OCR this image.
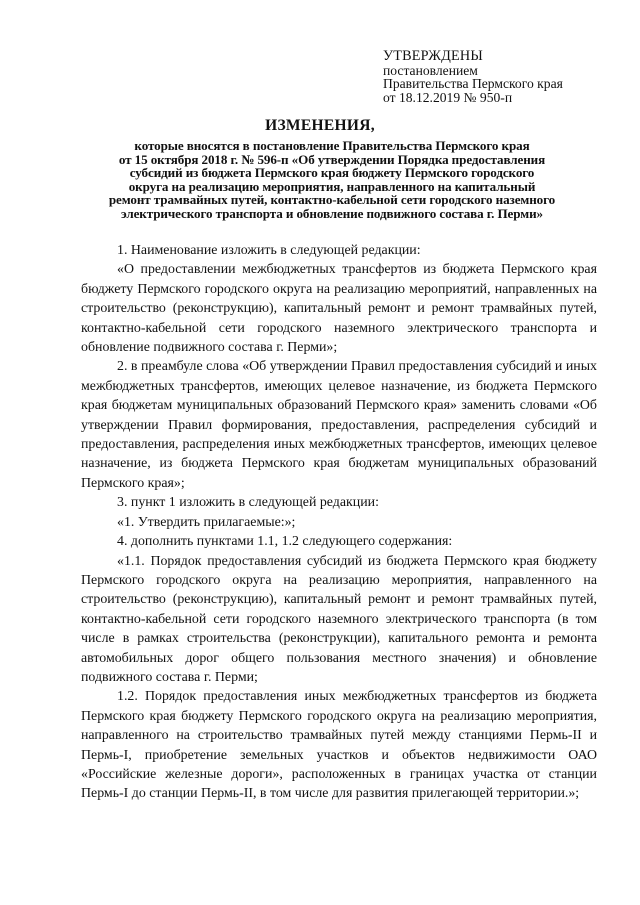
УТВЕРЖДЕНЫ
постановлением
Правительства Пермского края
от 18.12.2019 № 950-п
ИЗМЕНЕНИЯ,
которые вносятся в постановление Правительства Пермского края
от 15 октября 2018 г. № 596-п «Об утверждении Порядка предоставления
субсидий из бюджета Пермского края бюджету Пермского городского
округа на реализацию мероприятия, направленного на капитальный
ремонт трамвайных путей, контактно-кабельной сети городского наземного
электрического транспорта и обновление подвижного состава г. Перми»

1. Наименование изложить в следующей редакции:

«О предоставлении межбюджетных трансфертов из бюджета Пермского края бюджету Пермского городского округа на реализацию мероприятий, направленных на строительство (реконструкцию), капитальный ремонт и ремонт трамвайных путей, контактно-кабельной сети городского наземного электрического транспорта и обновление подвижного состава г. Перми»;

2. в преамбуле слова «Об утверждении Правил предоставления субсидий и иных межбюджетных трансфертов, имеющих целевое назначение, из бюджета Пермского края бюджетам муниципальных образований Пермского края» заменить словами «Об утверждении Правил формирования, предоставления, распределения субсидий и предоставления, распределения иных межбюджетных трансфертов, имеющих целевое назначение, из бюджета Пермского края бюджетам муниципальных образований Пермского края»;

3. пункт 1 изложить в следующей редакции:

«1. Утвердить прилагаемые:»;

4. дополнить пунктами 1.1, 1.2 следующего содержания:

«1.1. Порядок предоставления субсидий из бюджета Пермского края бюджету Пермского городского округа на реализацию мероприятия, направленного на строительство (реконструкцию), капитальный ремонт и ремонт трамвайных путей, контактно-кабельной сети городского наземного электрического транспорта (в том числе в рамках строительства (реконструкции), капитального ремонта и ремонта автомобильных дорог общего пользования местного значения) и обновление подвижного состава г. Перми;

1.2. Порядок предоставления иных межбюджетных трансфертов из бюджета Пермского края бюджету Пермского городского округа на реализацию мероприятия, направленного на строительство трамвайных путей между станциями Пермь-II и Пермь-I, приобретение земельных участков и объектов недвижимости ОАО «Российские железные дороги», расположенных в границах участка от станции Пермь-I до станции Пермь-II, в том числе для развития прилегающей территории.»;
